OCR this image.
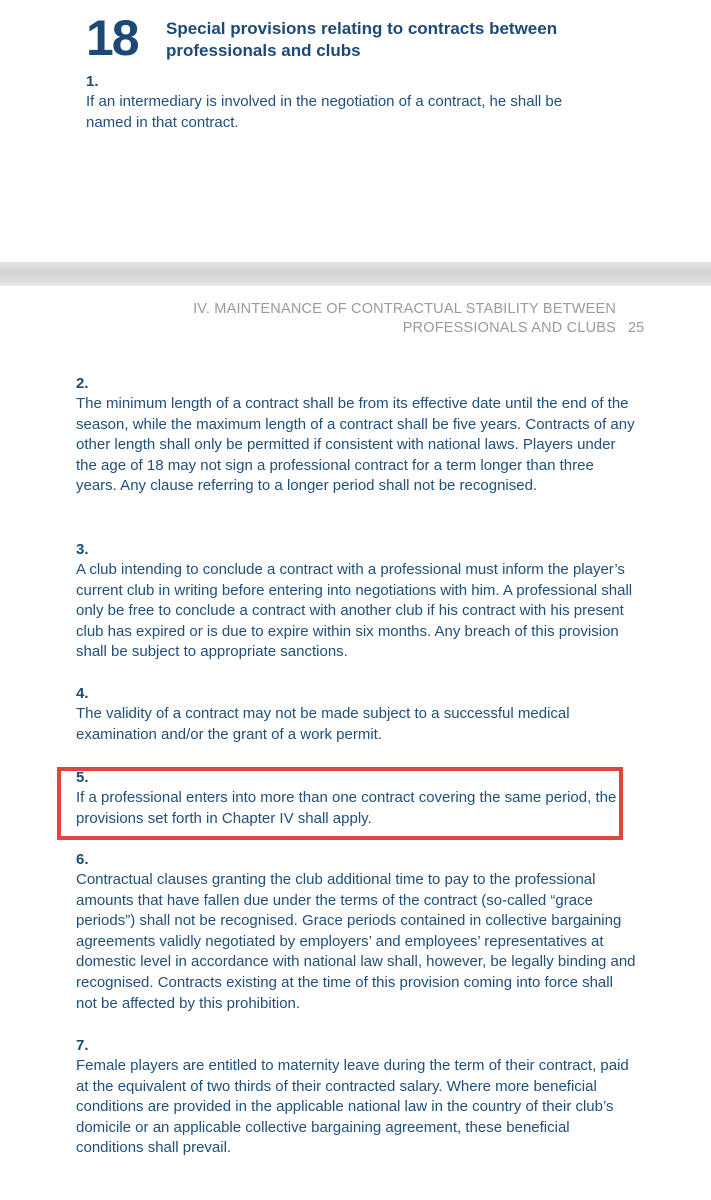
18 Special provisions relating to contracts between professionals and clubs
1.
If an intermediary is involved in the negotiation of a contract, he shall be named in that contract.
IV. MAINTENANCE OF CONTRACTUAL STABILITY BETWEEN
PROFESSIONALS AND CLUBS 25
2.
The minimum length of a contract shall be from its effective date until the end of the season, while the maximum length of a contract shall be five years. Contracts of any other length shall only be permitted if consistent with national laws. Players under the age of 18 may not sign a professional contract for a term longer than three years. Any clause referring to a longer period shall not be recognised.
3.
A club intending to conclude a contract with a professional must inform the player’s current club in writing before entering into negotiations with him. A professional shall only be free to conclude a contract with another club if his contract with his present club has expired or is due to expire within six months. Any breach of this provision shall be subject to appropriate sanctions.
4.
The validity of a contract may not be made subject to a successful medical examination and/or the grant of a work permit.
5.
If a professional enters into more than one contract covering the same period, the provisions set forth in Chapter IV shall apply.
6.
Contractual clauses granting the club additional time to pay to the professional amounts that have fallen due under the terms of the contract (so-called “grace periods”) shall not be recognised. Grace periods contained in collective bargaining agreements validly negotiated by employers’ and employees’ representatives at domestic level in accordance with national law shall, however, be legally binding and recognised. Contracts existing at the time of this provision coming into force shall not be affected by this prohibition.
7.
Female players are entitled to maternity leave during the term of their contract, paid at the equivalent of two thirds of their contracted salary. Where more beneficial conditions are provided in the applicable national law in the country of their club’s domicile or an applicable collective bargaining agreement, these beneficial conditions shall prevail.
